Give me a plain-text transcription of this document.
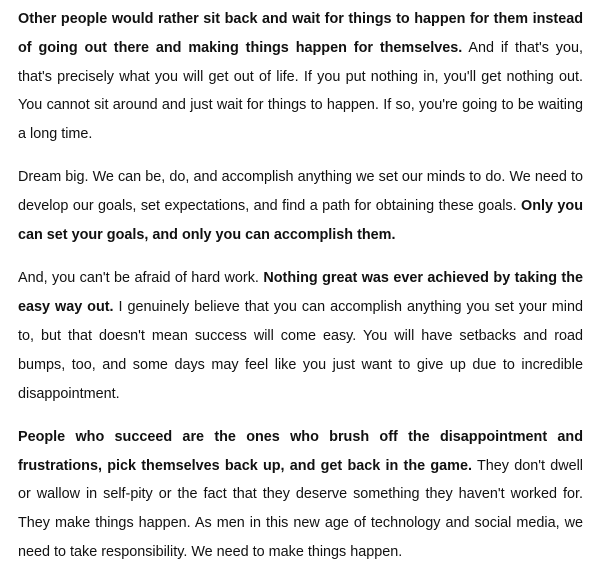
Other people would rather sit back and wait for things to happen for them instead of going out there and making things happen for themselves. And if that's you, that's precisely what you will get out of life. If you put nothing in, you'll get nothing out. You cannot sit around and just wait for things to happen. If so, you're going to be waiting a long time.

Dream big. We can be, do, and accomplish anything we set our minds to do. We need to develop our goals, set expectations, and find a path for obtaining these goals. Only you can set your goals, and only you can accomplish them.

And, you can't be afraid of hard work. Nothing great was ever achieved by taking the easy way out. I genuinely believe that you can accomplish anything you set your mind to, but that doesn't mean success will come easy. You will have setbacks and road bumps, too, and some days may feel like you just want to give up due to incredible disappointment.

People who succeed are the ones who brush off the disappointment and frustrations, pick themselves back up, and get back in the game. They don't dwell or wallow in self-pity or the fact that they deserve something they haven't worked for. They make things happen. As men in this new age of technology and social media, we need to take responsibility. We need to make things happen.
